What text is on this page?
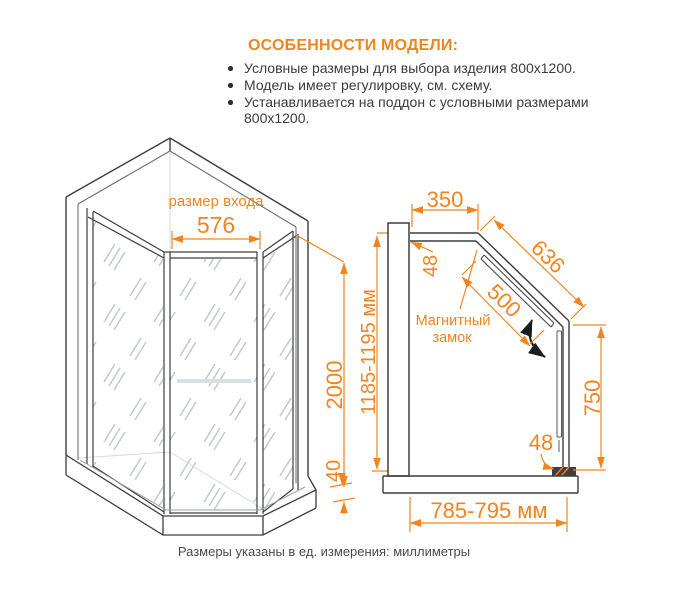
ОСОБЕННОСТИ МОДЕЛИ:
Условные размеры для выбора изделия 800x1200.
Модель имеет регулировку, см. схему.
Устанавливается на поддон с условными размерами 800x1200.
размер входа
576
2000
40
1185-1195 мм
350
48	636
500
Магнитный
замок
750
48
785-795 мм
Размеры указаны в ед. измерения: миллиметры
